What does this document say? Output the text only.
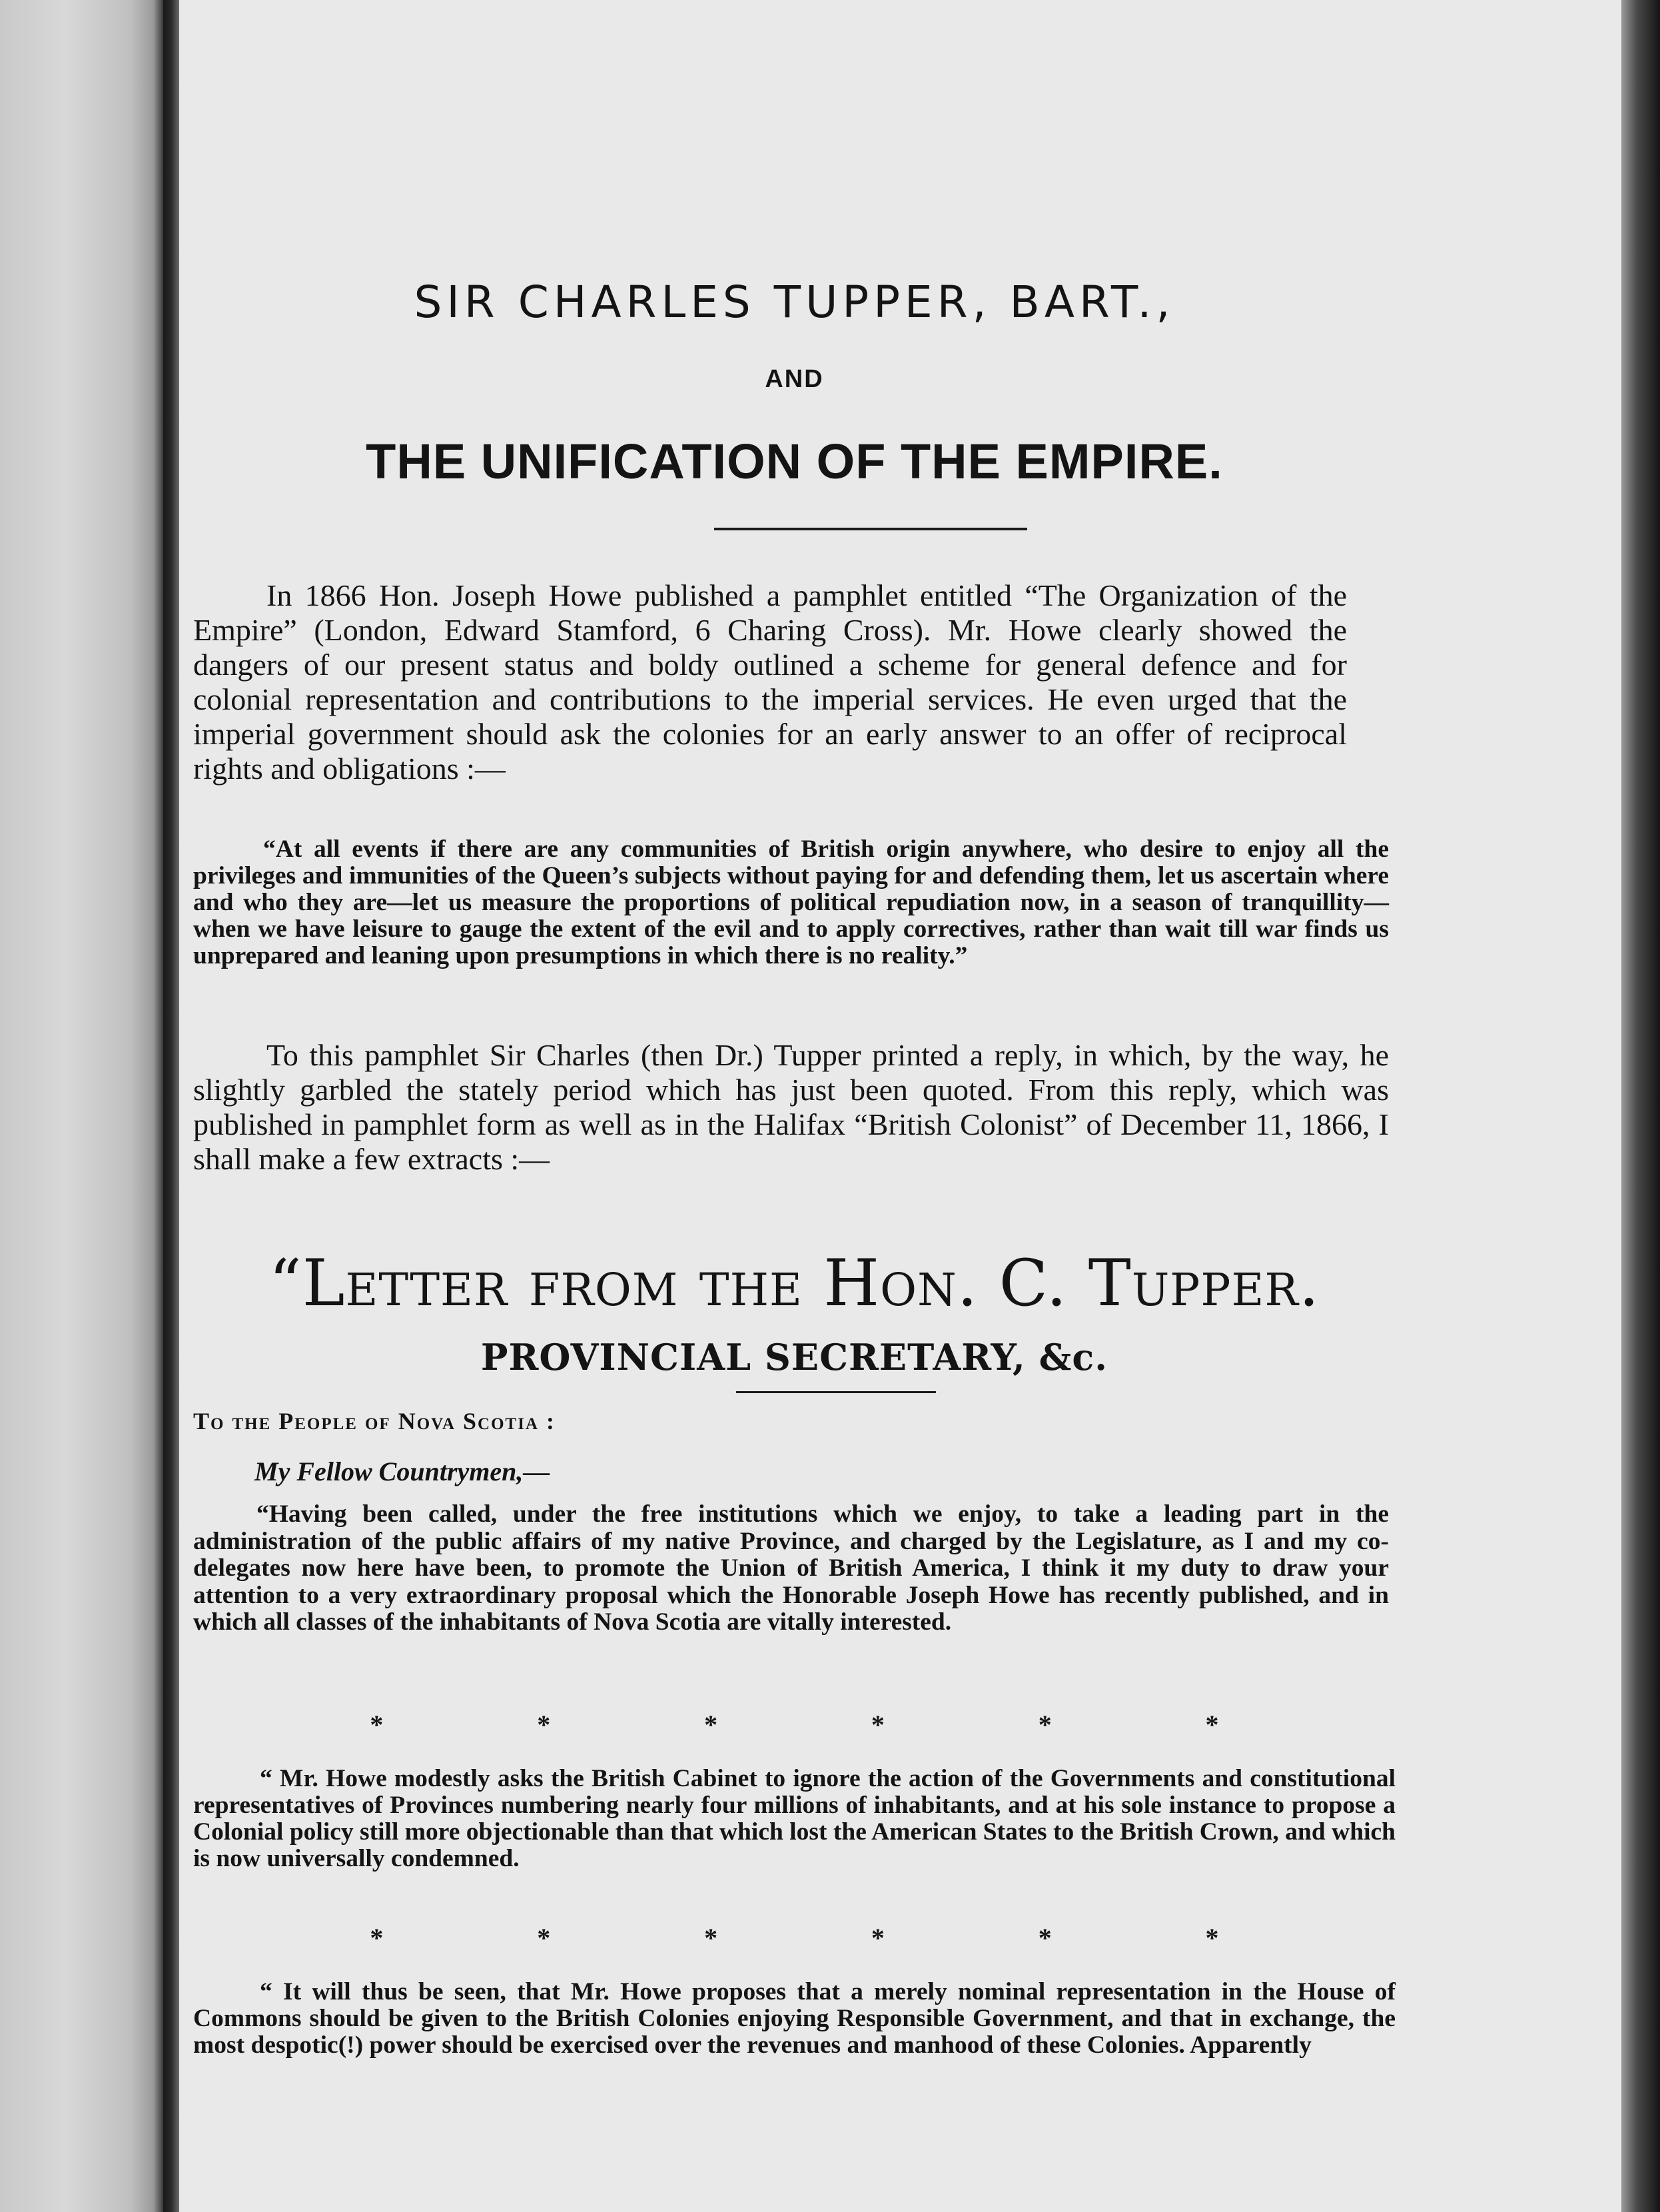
SIR CHARLES TUPPER, BART.,
AND
THE UNIFICATION OF THE EMPIRE.

In 1866 Hon. Joseph Howe published a pamphlet entitled “The Organization of the Empire” (London, Edward Stamford, 6 Charing Cross). Mr. Howe clearly showed the dangers of our present status and boldy outlined a scheme for general defence and for colonial representation and contributions to the imperial services. He even urged that the imperial government should ask the colonies for an early answer to an offer of reciprocal rights and obligations :—

“At all events if there are any communities of British origin anywhere, who desire to enjoy all the privileges and immunities of the Queen’s subjects without paying for and defending them, let us ascertain where and who they are—let us measure the proportions of political repudiation now, in a season of tranquillity—when we have leisure to gauge the extent of the evil and to apply correctives, rather than wait till war finds us unprepared and leaning upon presumptions in which there is no reality.”

To this pamphlet Sir Charles (then Dr.) Tupper printed a reply, in which, by the way, he slightly garbled the stately period which has just been quoted. From this reply, which was published in pamphlet form as well as in the Halifax “British Colonist” of December 11, 1866, I shall make a few extracts :—

“Letter from the Hon. C. Tupper.
PROVINCIAL SECRETARY, &c.
To the People of Nova Scotia :
My Fellow Countrymen,—

“Having been called, under the free institutions which we enjoy, to take a leading part in the administration of the public affairs of my native Province, and charged by the Legislature, as I and my co-delegates now here have been, to promote the Union of British America, I think it my duty to draw your attention to a very extraordinary proposal which the Honorable Joseph Howe has recently published, and in which all classes of the inhabitants of Nova Scotia are vitally interested.

*	*	*	*	*	*

“ Mr. Howe modestly asks the British Cabinet to ignore the action of the Governments and constitutional representatives of Provinces numbering nearly four millions of inhabitants, and at his sole instance to propose a Colonial policy still more objectionable than that which lost the American States to the British Crown, and which is now universally condemned.

*	*	*	*	*	*

“ It will thus be seen, that Mr. Howe proposes that a merely nominal representation in the House of Commons should be given to the British Colonies enjoying Responsible Government, and that in exchange, the most despotic(!) power should be exercised over the revenues and manhood of these Colonies. Apparently
